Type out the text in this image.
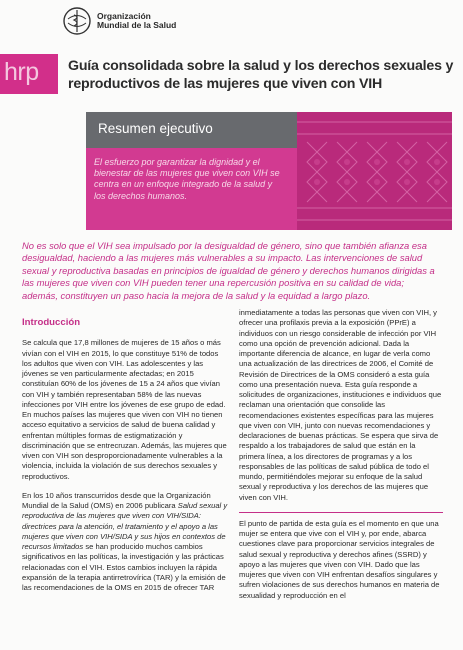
Organización
Mundial de la Salud
hrp Guía consolidada sobre la salud y los derechos sexuales y reproductivos de las mujeres que viven con VIH
Resumen ejecutivo

El esfuerzo por garantizar la dignidad y el bienestar de las mujeres que viven con VIH se centra en un enfoque integrado de la salud y los derechos humanos.

No es solo que el VIH sea impulsado por la desigualdad de género, sino que también afianza esa desigualdad, haciendo a las mujeres más vulnerables a su impacto. Las intervenciones de salud sexual y reproductiva basadas en principios de igualdad de género y derechos humanos dirigidas a las mujeres que viven con VIH pueden tener una repercusión positiva en su calidad de vida; además, constituyen un paso hacia la mejora de la salud y la equidad a largo plazo.

Introducción

Se calcula que 17,8 millones de mujeres de 15 años o más vivían con el VIH en 2015, lo que constituye 51% de todos los adultos que viven con VIH. Las adolescentes y las jóvenes se ven particularmente afectadas; en 2015 constituían 60% de los jóvenes de 15 a 24 años que vivían con VIH y también representaban 58% de las nuevas infecciones por VIH entre los jóvenes de ese grupo de edad. En muchos países las mujeres que viven con VIH no tienen acceso equitativo a servicios de salud de buena calidad y enfrentan múltiples formas de estigmatización y discriminación que se entrecruzan. Además, las mujeres que viven con VIH son desproporcionadamente vulnerables a la violencia, incluida la violación de sus derechos sexuales y reproductivos.

En los 10 años transcurridos desde que la Organización Mundial de la Salud (OMS) en 2006 publicara Salud sexual y reproductiva de las mujeres que viven con VIH/SIDA: directrices para la atención, el tratamiento y el apoyo a las mujeres que viven con VIH/SIDA y sus hijos en contextos de recursos limitados se han producido muchos cambios significativos en las políticas, la investigación y las prácticas relacionadas con el VIH. Estos cambios incluyen la rápida expansión de la terapia antirretrovírica (TAR) y la emisión de las recomendaciones de la OMS en 2015 de ofrecer TAR

inmediatamente a todas las personas que viven con VIH, y ofrecer una profilaxis previa a la exposición (PPrE) a individuos con un riesgo considerable de infección por VIH como una opción de prevención adicional. Dada la importante diferencia de alcance, en lugar de verla como una actualización de las directrices de 2006, el Comité de Revisión de Directrices de la OMS consideró a esta guía como una presentación nueva. Esta guía responde a solicitudes de organizaciones, instituciones e individuos que reclaman una orientación que consolide las recomendaciones existentes específicas para las mujeres que viven con VIH, junto con nuevas recomendaciones y declaraciones de buenas prácticas. Se espera que sirva de respaldo a los trabajadores de salud que están en la primera línea, a los directores de programas y a los responsables de las políticas de salud pública de todo el mundo, permitiéndoles mejorar su enfoque de la salud sexual y reproductiva y los derechos de las mujeres que viven con VIH.

El punto de partida de esta guía es el momento en que una mujer se entera que vive con el VIH y, por ende, abarca cuestiones clave para proporcionar servicios integrales de salud sexual y reproductiva y derechos afines (SSRD) y apoyo a las mujeres que viven con VIH. Dado que las mujeres que viven con VIH enfrentan desafíos singulares y sufren violaciones de sus derechos humanos en materia de sexualidad y reproducción en el
